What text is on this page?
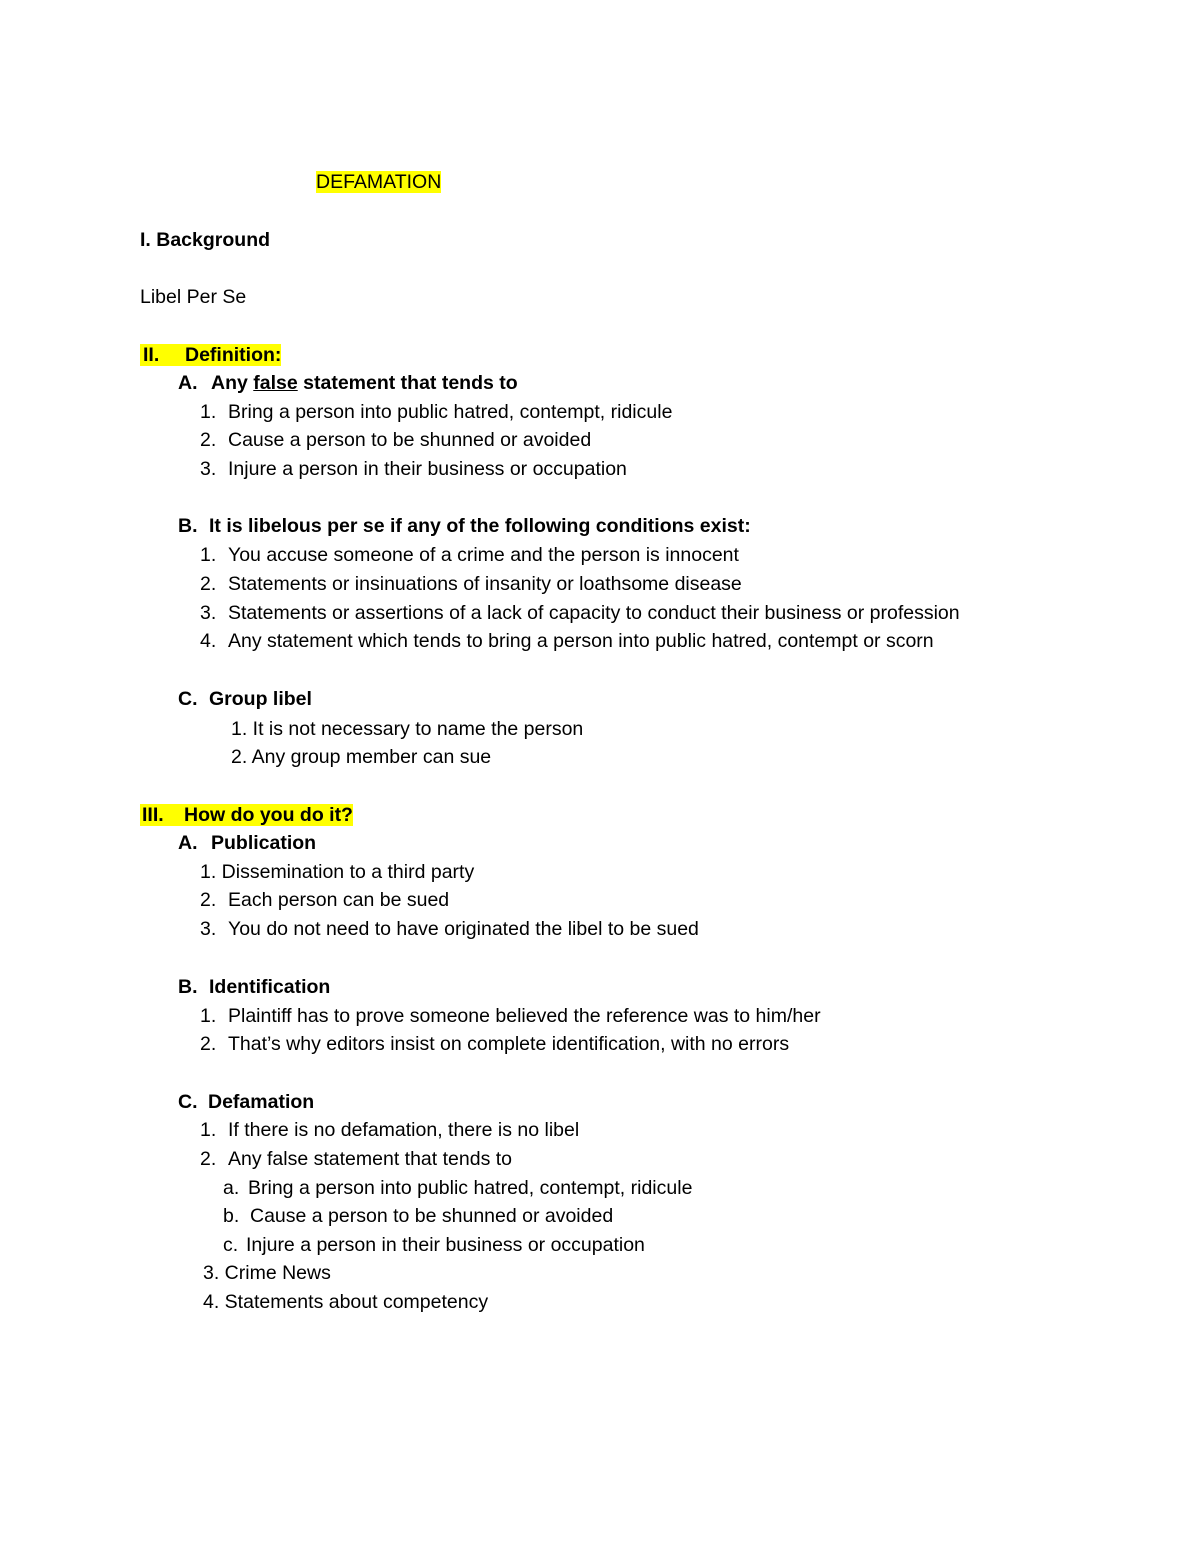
DEFAMATION
I. Background
Libel Per Se
II. Definition:
A. Any false statement that tends to
1. Bring a person into public hatred, contempt, ridicule
2. Cause a person to be shunned or avoided
3. Injure a person in their business or occupation
B. It is libelous per se if any of the following conditions exist:
1. You accuse someone of a crime and the person is innocent
2. Statements or insinuations of insanity or loathsome disease
3. Statements or assertions of a lack of capacity to conduct their business or profession
4. Any statement which tends to bring a person into public hatred, contempt or scorn
C. Group libel
1. It is not necessary to name the person
2. Any group member can sue
III. How do you do it?
A. Publication
1. Dissemination to a third party
2. Each person can be sued
3. You do not need to have originated the libel to be sued
B. Identification
1. Plaintiff has to prove someone believed the reference was to him/her
2. That’s why editors insist on complete identification, with no errors
C. Defamation
1. If there is no defamation, there is no libel
2. Any false statement that tends to
a. Bring a person into public hatred, contempt, ridicule
b. Cause a person to be shunned or avoided
c. Injure a person in their business or occupation
3. Crime News
4. Statements about competency
